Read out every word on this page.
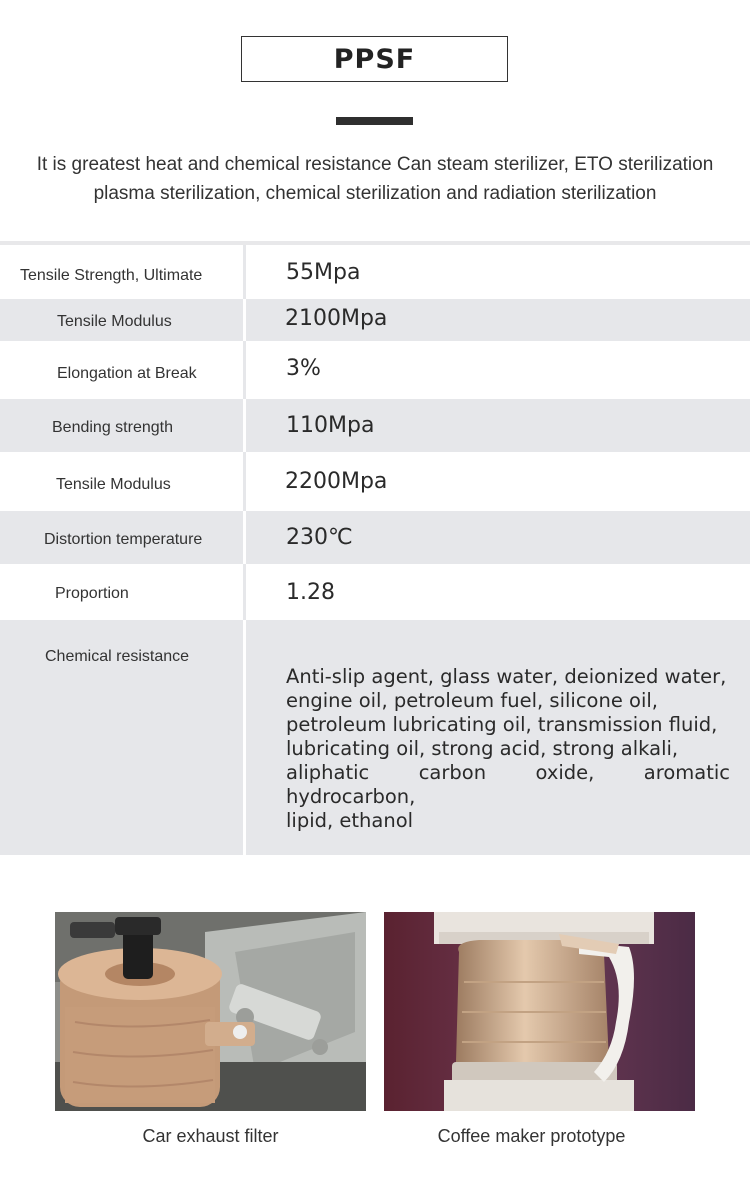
PPSF
It is greatest heat and chemical resistance Can steam sterilizer, ETO sterilization
plasma sterilization, chemical sterilization and radiation sterilization
Tensile Strength, Ultimate	55Mpa
Tensile Modulus	2100Mpa
Elongation at Break	3%
Bending strength	110Mpa
Tensile Modulus	2200Mpa
Distortion temperature	230℃
Proportion	1.28
Chemical resistance
Anti-slip agent, glass water, deionized water,
engine oil, petroleum fuel, silicone oil,
petroleum lubricating oil, transmission fluid,
lubricating oil, strong acid, strong alkali,
aliphatic carbon oxide, aromatic hydrocarbon,
lipid, ethanol
Car exhaust filter	Coffee maker prototype
